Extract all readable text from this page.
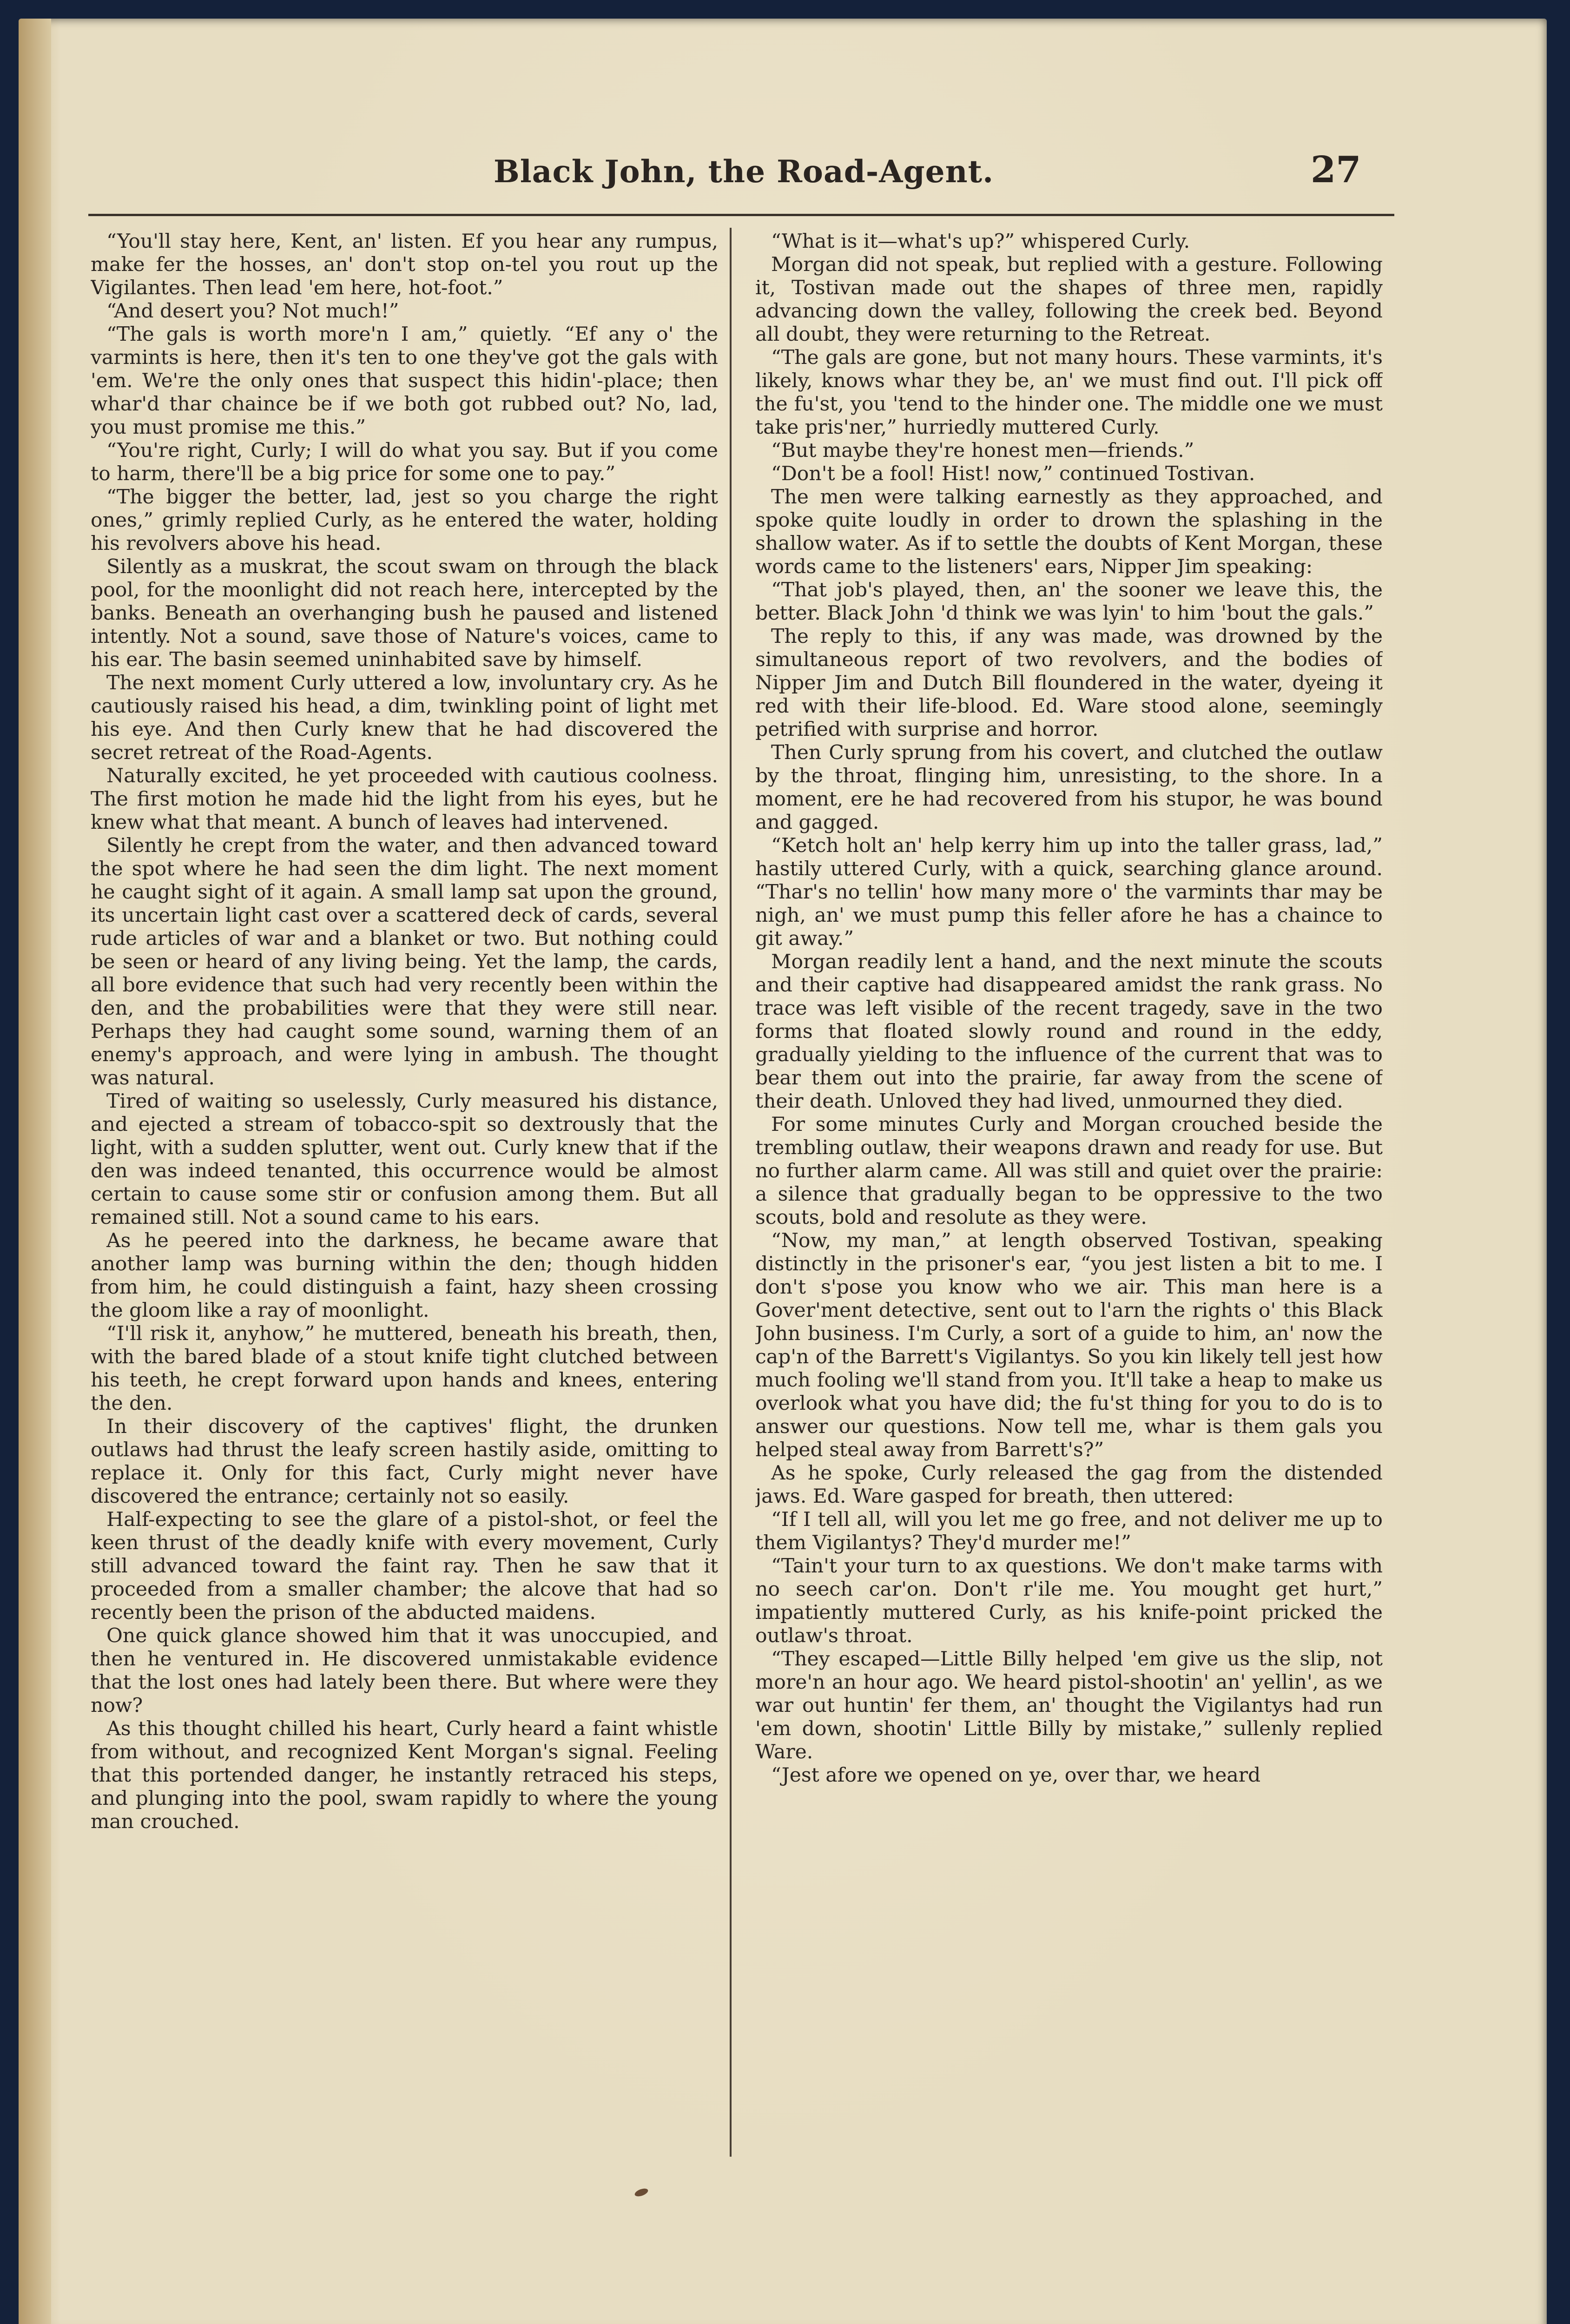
Black John, the Road-Agent.	27

“You'll stay here, Kent, an' listen. Ef you hear any rumpus, make fer the hosses, an' don't stop on-tel you rout up the Vigilantes. Then lead 'em here, hot-foot.”

“And desert you? Not much!”

“The gals is worth more'n I am,” quietly. “Ef any o' the varmints is here, then it's ten to one they've got the gals with 'em. We're the only ones that suspect this hidin'-place; then whar'd thar chaince be if we both got rubbed out? No, lad, you must promise me this.”

“You're right, Curly; I will do what you say. But if you come to harm, there'll be a big price for some one to pay.”

“The bigger the better, lad, jest so you charge the right ones,” grimly replied Curly, as he entered the water, holding his revolvers above his head.

Silently as a muskrat, the scout swam on through the black pool, for the moonlight did not reach here, intercepted by the banks. Beneath an overhanging bush he paused and listened intently. Not a sound, save those of Nature's voices, came to his ear. The basin seemed uninhabited save by himself.

The next moment Curly uttered a low, involuntary cry. As he cautiously raised his head, a dim, twinkling point of light met his eye. And then Curly knew that he had discovered the secret retreat of the Road-Agents.

Naturally excited, he yet proceeded with cautious coolness. The first motion he made hid the light from his eyes, but he knew what that meant. A bunch of leaves had intervened.

Silently he crept from the water, and then advanced toward the spot where he had seen the dim light. The next moment he caught sight of it again. A small lamp sat upon the ground, its uncertain light cast over a scattered deck of cards, several rude articles of war and a blanket or two. But nothing could be seen or heard of any living being. Yet the lamp, the cards, all bore evidence that such had very recently been within the den, and the probabilities were that they were still near. Perhaps they had caught some sound, warning them of an enemy's approach, and were lying in ambush. The thought was natural.

Tired of waiting so uselessly, Curly measured his distance, and ejected a stream of tobacco-spit so dextrously that the light, with a sudden splutter, went out. Curly knew that if the den was indeed tenanted, this occurrence would be almost certain to cause some stir or confusion among them. But all remained still. Not a sound came to his ears.

As he peered into the darkness, he became aware that another lamp was burning within the den; though hidden from him, he could distinguish a faint, hazy sheen crossing the gloom like a ray of moonlight.

“I'll risk it, anyhow,” he muttered, beneath his breath, then, with the bared blade of a stout knife tight clutched between his teeth, he crept forward upon hands and knees, entering the den.

In their discovery of the captives' flight, the drunken outlaws had thrust the leafy screen hastily aside, omitting to replace it. Only for this fact, Curly might never have discovered the entrance; certainly not so easily.

Half-expecting to see the glare of a pistol-shot, or feel the keen thrust of the deadly knife with every movement, Curly still advanced toward the faint ray. Then he saw that it proceeded from a smaller chamber; the alcove that had so recently been the prison of the abducted maidens.

One quick glance showed him that it was unoccupied, and then he ventured in. He discovered unmistakable evidence that the lost ones had lately been there. But where were they now?

As this thought chilled his heart, Curly heard a faint whistle from without, and recognized Kent Morgan's signal. Feeling that this portended danger, he instantly retraced his steps, and plunging into the pool, swam rapidly to where the young man crouched.

“What is it—what's up?” whispered Curly.

Morgan did not speak, but replied with a gesture. Following it, Tostivan made out the shapes of three men, rapidly advancing down the valley, following the creek bed. Beyond all doubt, they were returning to the Retreat.

“The gals are gone, but not many hours. These varmints, it's likely, knows whar they be, an' we must find out. I'll pick off the fu'st, you 'tend to the hinder one. The middle one we must take pris'ner,” hurriedly muttered Curly.

“But maybe they're honest men—friends.”

“Don't be a fool! Hist! now,” continued Tostivan.

The men were talking earnestly as they approached, and spoke quite loudly in order to drown the splashing in the shallow water. As if to settle the doubts of Kent Morgan, these words came to the listeners' ears, Nipper Jim speaking:

“That job's played, then, an' the sooner we leave this, the better. Black John 'd think we was lyin' to him 'bout the gals.”

The reply to this, if any was made, was drowned by the simultaneous report of two revolvers, and the bodies of Nipper Jim and Dutch Bill floundered in the water, dyeing it red with their life-blood. Ed. Ware stood alone, seemingly petrified with surprise and horror.

Then Curly sprung from his covert, and clutched the outlaw by the throat, flinging him, unresisting, to the shore. In a moment, ere he had recovered from his stupor, he was bound and gagged.

“Ketch holt an' help kerry him up into the taller grass, lad,” hastily uttered Curly, with a quick, searching glance around. “Thar's no tellin' how many more o' the varmints thar may be nigh, an' we must pump this feller afore he has a chaince to git away.”

Morgan readily lent a hand, and the next minute the scouts and their captive had disappeared amidst the rank grass. No trace was left visible of the recent tragedy, save in the two forms that floated slowly round and round in the eddy, gradually yielding to the influence of the current that was to bear them out into the prairie, far away from the scene of their death. Unloved they had lived, unmourned they died.

For some minutes Curly and Morgan crouched beside the trembling outlaw, their weapons drawn and ready for use. But no further alarm came. All was still and quiet over the prairie: a silence that gradually began to be oppressive to the two scouts, bold and resolute as they were.

“Now, my man,” at length observed Tostivan, speaking distinctly in the prisoner's ear, “you jest listen a bit to me. I don't s'pose you know who we air. This man here is a Gover'ment detective, sent out to l'arn the rights o' this Black John business. I'm Curly, a sort of a guide to him, an' now the cap'n of the Barrett's Vigilantys. So you kin likely tell jest how much fooling we'll stand from you. It'll take a heap to make us overlook what you have did; the fu'st thing for you to do is to answer our questions. Now tell me, whar is them gals you helped steal away from Barrett's?”

As he spoke, Curly released the gag from the distended jaws. Ed. Ware gasped for breath, then uttered:

“If I tell all, will you let me go free, and not deliver me up to them Vigilantys? They'd murder me!”

“Tain't your turn to ax questions. We don't make tarms with no seech car'on. Don't r'ile me. You mought get hurt,” impatiently muttered Curly, as his knife-point pricked the outlaw's throat.

“They escaped—Little Billy helped 'em give us the slip, not more'n an hour ago. We heard pistol-shootin' an' yellin', as we war out huntin' fer them, an' thought the Vigilantys had run 'em down, shootin' Little Billy by mistake,” sullenly replied Ware.

“Jest afore we opened on ye, over thar, we heard
